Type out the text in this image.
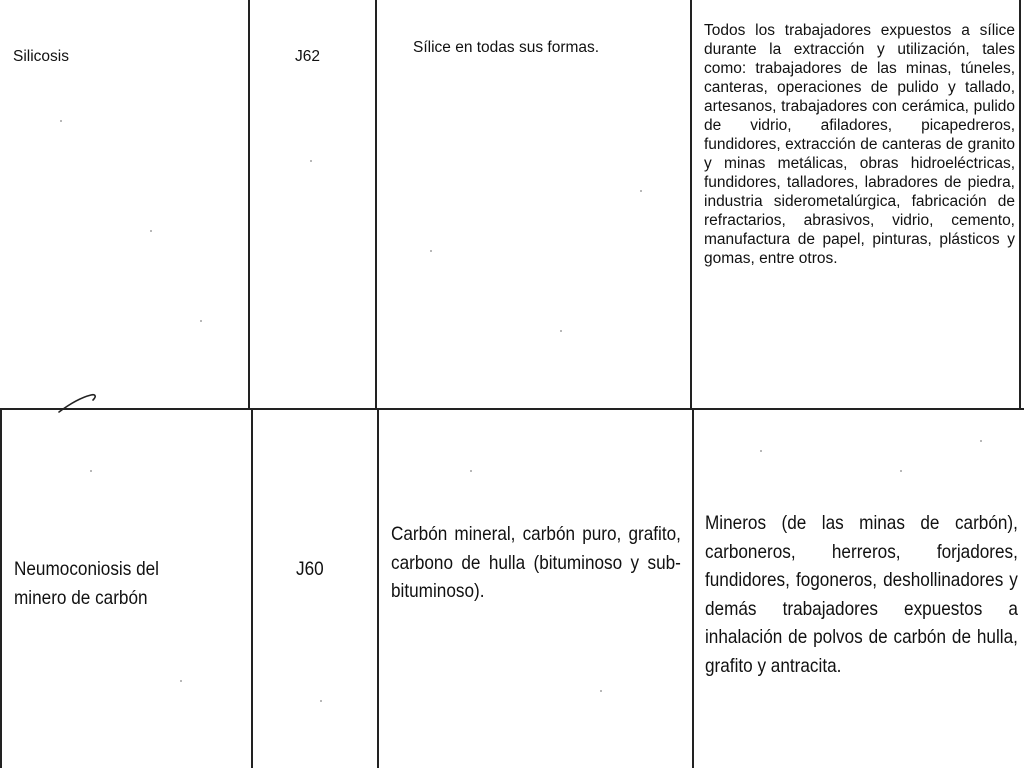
Silicosis	J62
Sílice en todas sus formas.
Todos los trabajadores expuestos a sílice durante la extracción y utilización, tales como: trabajadores de las minas, túneles, canteras, operaciones de pulido y tallado, artesanos, trabajadores con cerámica, pulido de vidrio, afiladores, picapedreros, fundidores, extracción de canteras de granito y minas metálicas, obras hidroeléctricas, fundidores, talladores, labradores de piedra, industria siderometalúrgica, fabricación de refractarios, abrasivos, vidrio, cemento, manufactura de papel, pinturas, plásticos y gomas, entre otros.
Neumoconiosis del minero de carbón
J60
Carbón mineral, carbón puro, grafito, carbono de hulla (bituminoso y sub-bituminoso).
Mineros (de las minas de carbón), carboneros, herreros, forjadores, fundidores, fogoneros, deshollinadores y demás trabajadores expuestos a inhalación de polvos de carbón de hulla, grafito y antracita.
